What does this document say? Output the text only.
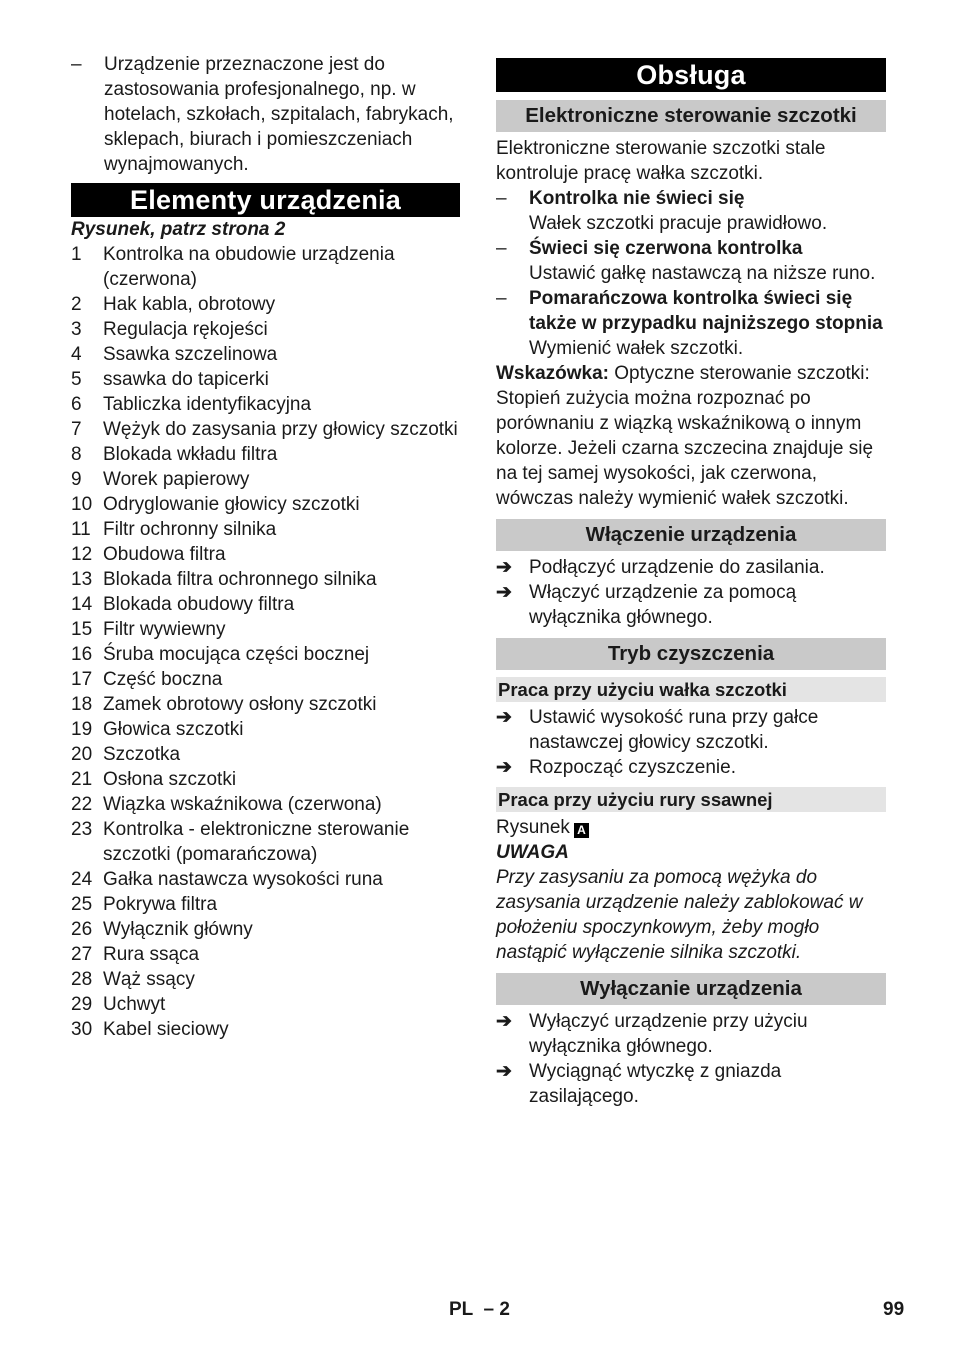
– Urządzenie przeznaczone jest do zastosowania profesjonalnego, np. w hotelach, szkołach, szpitalach, fabrykach, sklepach, biurach i pomieszczeniach wynajmowanych.
Elementy urządzenia
Rysunek, patrz strona 2
1 Kontrolka na obudowie urządzenia (czerwona)
2 Hak kabla, obrotowy
3 Regulacja rękojeści
4 Ssawka szczelinowa
5 ssawka do tapicerki
6 Tabliczka identyfikacyjna
7 Wężyk do zasysania przy głowicy szczotki
8 Blokada wkładu filtra
9 Worek papierowy
10 Odryglowanie głowicy szczotki
11 Filtr ochronny silnika
12 Obudowa filtra
13 Blokada filtra ochronnego silnika
14 Blokada obudowy filtra
15 Filtr wywiewny
16 Śruba mocująca części bocznej
17 Część boczna
18 Zamek obrotowy osłony szczotki
19 Głowica szczotki
20 Szczotka
21 Osłona szczotki
22 Wiązka wskaźnikowa (czerwona)
23 Kontrolka - elektroniczne sterowanie szczotki (pomarańczowa)
24 Gałka nastawcza wysokości runa
25 Pokrywa filtra
26 Wyłącznik główny
27 Rura ssąca
28 Wąż ssący
29 Uchwyt
30 Kabel sieciowy
Obsługa
Elektroniczne sterowanie szczotki

Elektroniczne sterowanie szczotki stale kontroluje pracę wałka szczotki.

– Kontrolka nie świeci się
Wałek szczotki pracuje prawidłowo.
– Świeci się czerwona kontrolka
Ustawić gałkę nastawczą na niższe runo.
– Pomarańczowa kontrolka świeci się także w przypadku najniższego stopnia
Wymienić wałek szczotki.

Wskazówka: Optyczne sterowanie szczotki: Stopień zużycia można rozpoznać po porównaniu z wiązką wskaźnikową o innym kolorze. Jeżeli czarna szczecina znajduje się na tej samej wysokości, jak czerwona, wówczas należy wymienić wałek szczotki.

Włączenie urządzenia
➔ Podłączyć urządzenie do zasilania.
➔ Włączyć urządzenie za pomocą wyłącznika głównego.
Tryb czyszczenia
Praca przy użyciu wałka szczotki
➔ Ustawić wysokość runa przy gałce nastawczej głowicy szczotki.
➔ Rozpocząć czyszczenie.
Praca przy użyciu rury ssawnej

Rysunek A

UWAGA

Przy zasysaniu za pomocą wężyka do zasysania urządzenie należy zablokować w położeniu spoczynkowym, żeby mogło nastąpić wyłączenie silnika szczotki.

Wyłączanie urządzenia
➔ Wyłączyć urządzenie przy użyciu wyłącznika głównego.
➔ Wyciągnąć wtyczkę z gniazda zasilającego.
PL  – 2	99
